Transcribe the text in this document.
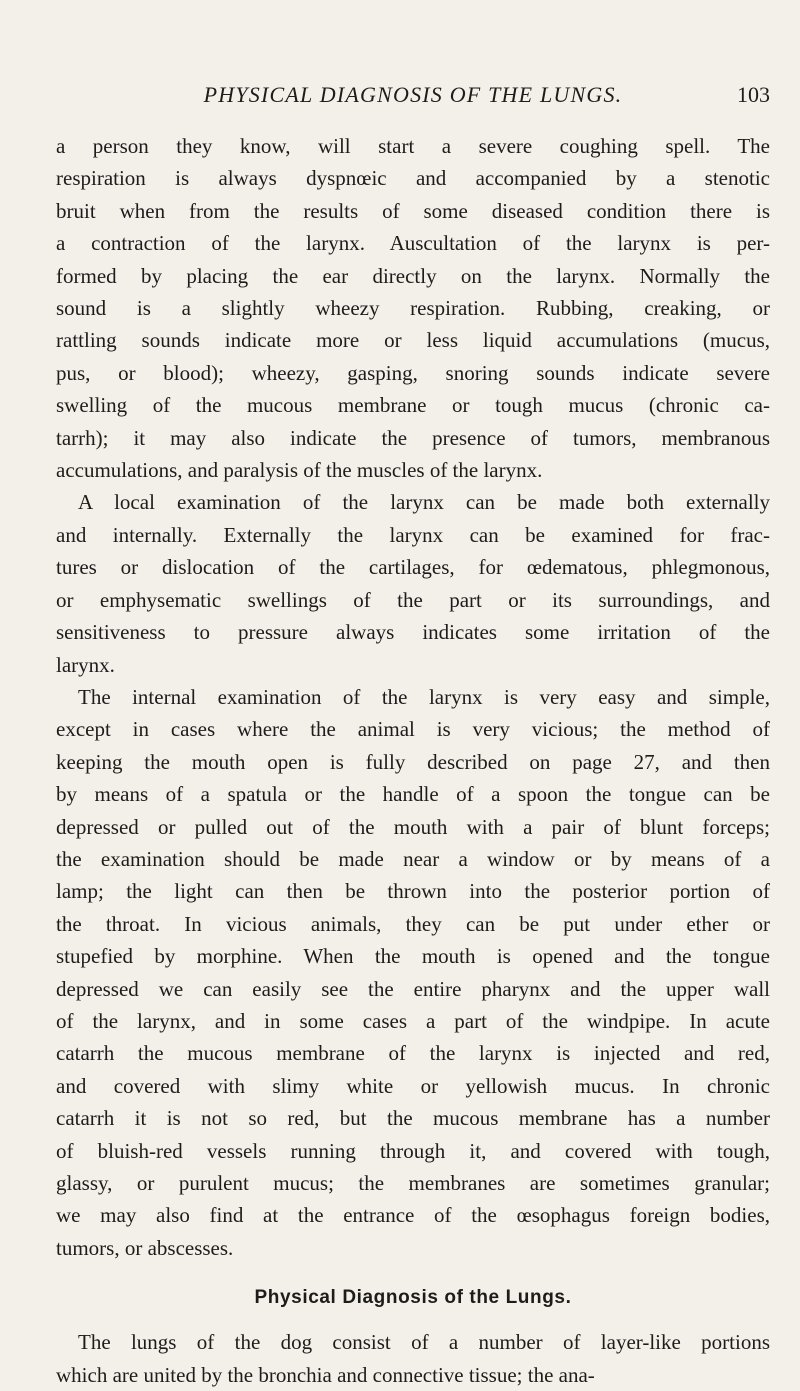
PHYSICAL DIAGNOSIS OF THE LUNGS.	103

a person they know, will start a severe coughing spell. The
respiration is always dyspnœic and accompanied by a stenotic
bruit when from the results of some diseased condition there is
a contraction of the larynx. Auscultation of the larynx is per-
formed by placing the ear directly on the larynx. Normally the
sound is a slightly wheezy respiration. Rubbing, creaking, or
rattling sounds indicate more or less liquid accumulations (mucus,
pus, or blood); wheezy, gasping, snoring sounds indicate severe
swelling of the mucous membrane or tough mucus (chronic ca-
tarrh); it may also indicate the presence of tumors, membranous
accumulations, and paralysis of the muscles of the larynx.

A local examination of the larynx can be made both externally
and internally. Externally the larynx can be examined for frac-
tures or dislocation of the cartilages, for œdematous, phlegmonous,
or emphysematic swellings of the part or its surroundings, and
sensitiveness to pressure always indicates some irritation of the
larynx.

The internal examination of the larynx is very easy and simple,
except in cases where the animal is very vicious; the method of
keeping the mouth open is fully described on page 27, and then
by means of a spatula or the handle of a spoon the tongue can be
depressed or pulled out of the mouth with a pair of blunt forceps;
the examination should be made near a window or by means of a
lamp; the light can then be thrown into the posterior portion of
the throat. In vicious animals, they can be put under ether or
stupefied by morphine. When the mouth is opened and the tongue
depressed we can easily see the entire pharynx and the upper wall
of the larynx, and in some cases a part of the windpipe. In acute
catarrh the mucous membrane of the larynx is injected and red,
and covered with slimy white or yellowish mucus. In chronic
catarrh it is not so red, but the mucous membrane has a number
of bluish-red vessels running through it, and covered with tough,
glassy, or purulent mucus; the membranes are sometimes granular;
we may also find at the entrance of the œsophagus foreign bodies,
tumors, or abscesses.

Physical Diagnosis of the Lungs.

The lungs of the dog consist of a number of layer-like portions
which are united by the bronchia and connective tissue; the ana-
